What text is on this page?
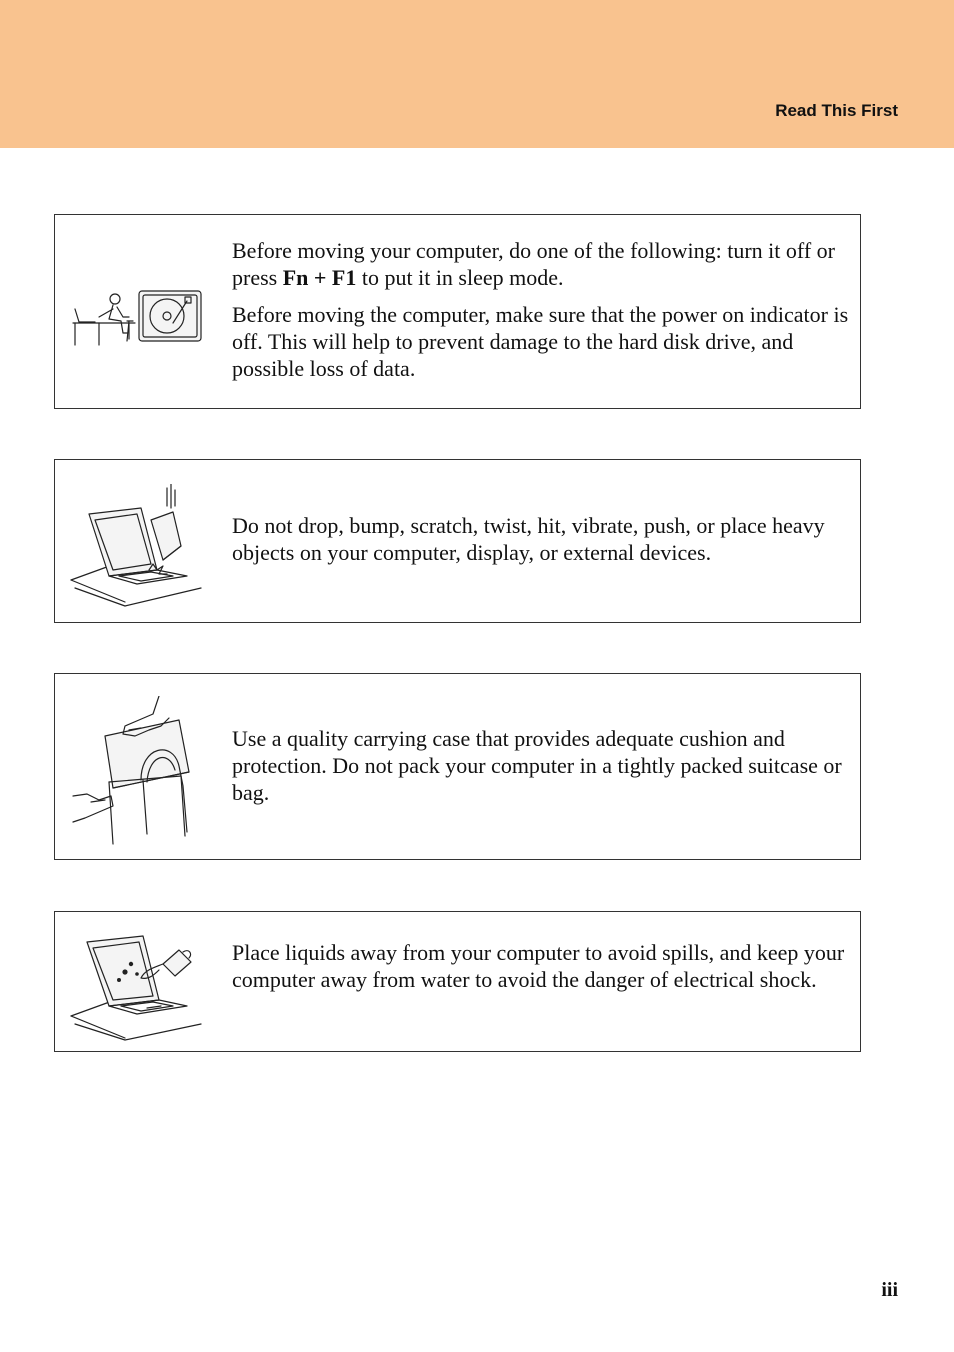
Read This First

Before moving your computer, do one of the following: turn it off or press Fn + F1 to put it in sleep mode.

Before moving the computer, make sure that the power on indicator is off. This will help to prevent damage to the hard disk drive, and possible loss of data.

Do not drop, bump, scratch, twist, hit, vibrate, push, or place heavy objects on your computer, display, or external devices.

Use a quality carrying case that provides adequate cushion and protection. Do not pack your computer in a tightly packed suitcase or bag.

Place liquids away from your computer to avoid spills, and keep your computer away from water to avoid the danger of electrical shock.

iii
